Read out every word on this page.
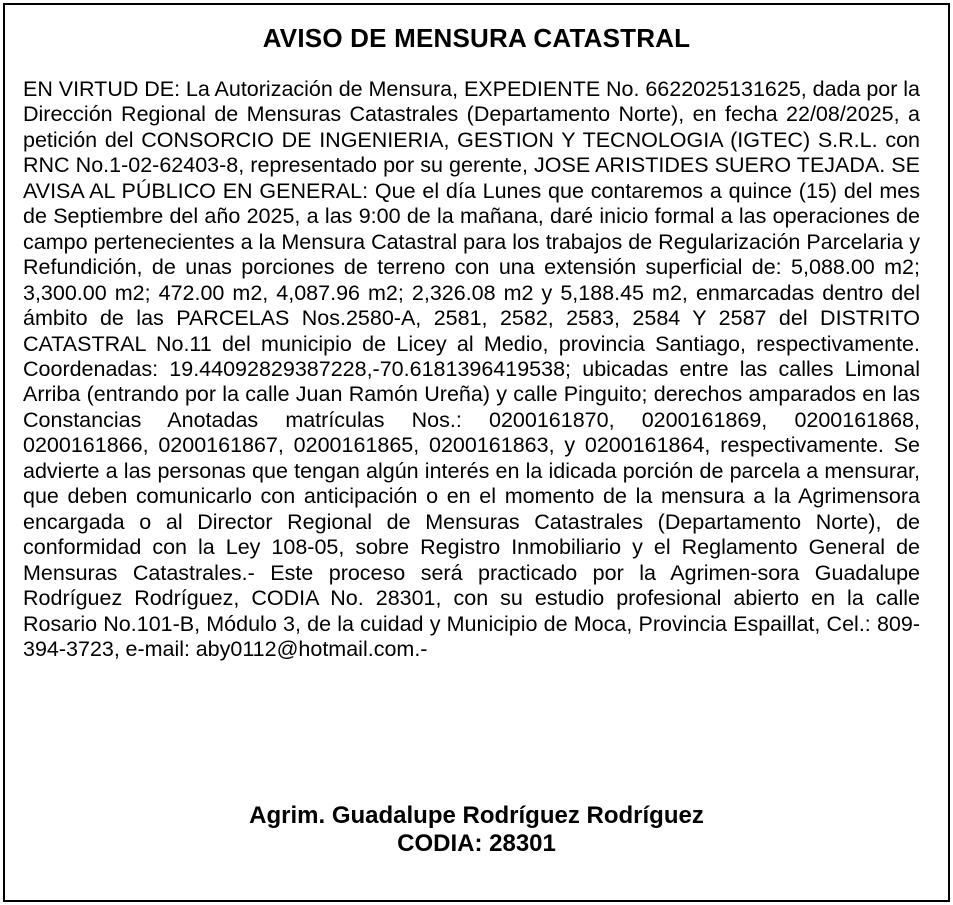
AVISO DE MENSURA CATASTRAL

EN VIRTUD DE: La Autorización de Mensura, EXPEDIENTE No. 6622025131625, dada por la Dirección Regional de Mensuras Catastrales (Departamento Norte), en fecha 22/08/2025, a petición del CONSORCIO DE INGENIERIA, GESTION Y TECNOLOGIA (IGTEC) S.R.L. con RNC No.1-02-62403-8, representado por su gerente, JOSE ARISTIDES SUERO TEJADA. SE AVISA AL PÚBLICO EN GENERAL: Que el día Lunes que contaremos a quince (15) del mes de Septiembre del año 2025, a las 9:00 de la mañana, daré inicio formal a las operaciones de campo pertenecientes a la Mensura Catastral para los trabajos de Regularización Parcelaria y Refundición, de unas porciones de terreno con una extensión superficial de: 5,088.00 m2; 3,300.00 m2; 472.00 m2, 4,087.96 m2; 2,326.08 m2 y 5,188.45 m2, enmarcadas dentro del ámbito de las PARCELAS Nos.2580-A, 2581, 2582, 2583, 2584 Y 2587 del DISTRITO CATASTRAL No.11 del municipio de Licey al Medio, provincia Santiago, respectivamente. Coordenadas: 19.44092829387228,-70.6181396419538; ubicadas entre las calles Limonal Arriba (entrando por la calle Juan Ramón Ureña) y calle Pinguito; derechos amparados en las Constancias Anotadas matrículas Nos.: 0200161870, 0200161869, 0200161868, 0200161866, 0200161867, 0200161865, 0200161863, y 0200161864, respectivamente. Se advierte a las personas que tengan algún interés en la idicada porción de parcela a mensurar, que deben comunicarlo con anticipación o en el momento de la mensura a la Agrimensora encargada o al Director Regional de Mensuras Catastrales (Departamento Norte), de conformidad con la Ley 108-05, sobre Registro Inmobiliario y el Reglamento General de Mensuras Catastrales.- Este proceso será practicado por la Agrimen-sora Guadalupe Rodríguez Rodríguez, CODIA No. 28301, con su estudio profesional abierto en la calle Rosario No.101-B, Módulo 3, de la cuidad y Municipio de Moca, Provincia Espaillat, Cel.: 809-394-3723, e-mail: aby0112@hotmail.com.-

Agrim. Guadalupe Rodríguez Rodríguez
CODIA: 28301
